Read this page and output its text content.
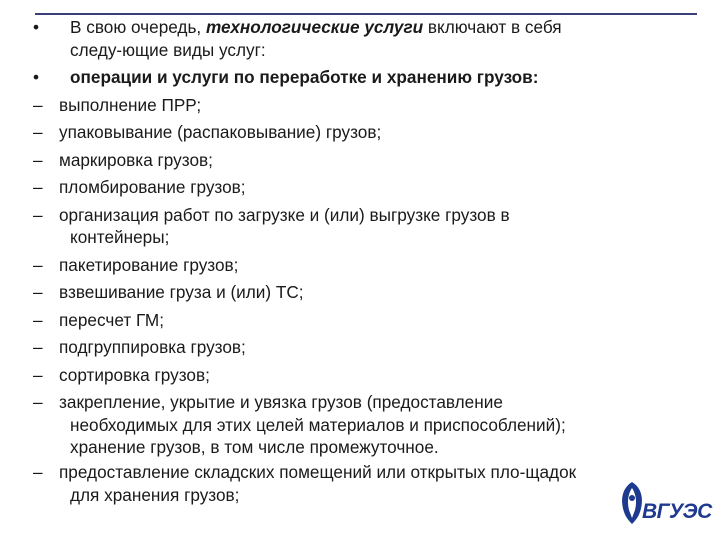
•	В свою очередь, технологические услуги включают в себя
следу-ющие виды услуг:
•	операции и услуги по переработке и хранению грузов:
– выполнение ПРР;
– упаковывание (распаковывание) грузов;
– маркировка грузов;
– пломбирование грузов;
– организация работ по загрузке и (или) выгрузке грузов в
контейнеры;
– пакетирование грузов;
– взвешивание груза и (или) ТС;
– пересчет ГМ;
– подгруппировка грузов;
– сортировка грузов;
– закрепление, укрытие и увязка грузов (предоставление
необходимых для этих целей материалов и приспособлений);
хранение грузов, в том числе промежуточное.
– предоставление складских помещений или открытых пло-щадок
для хранения грузов;
ВГУЭС
